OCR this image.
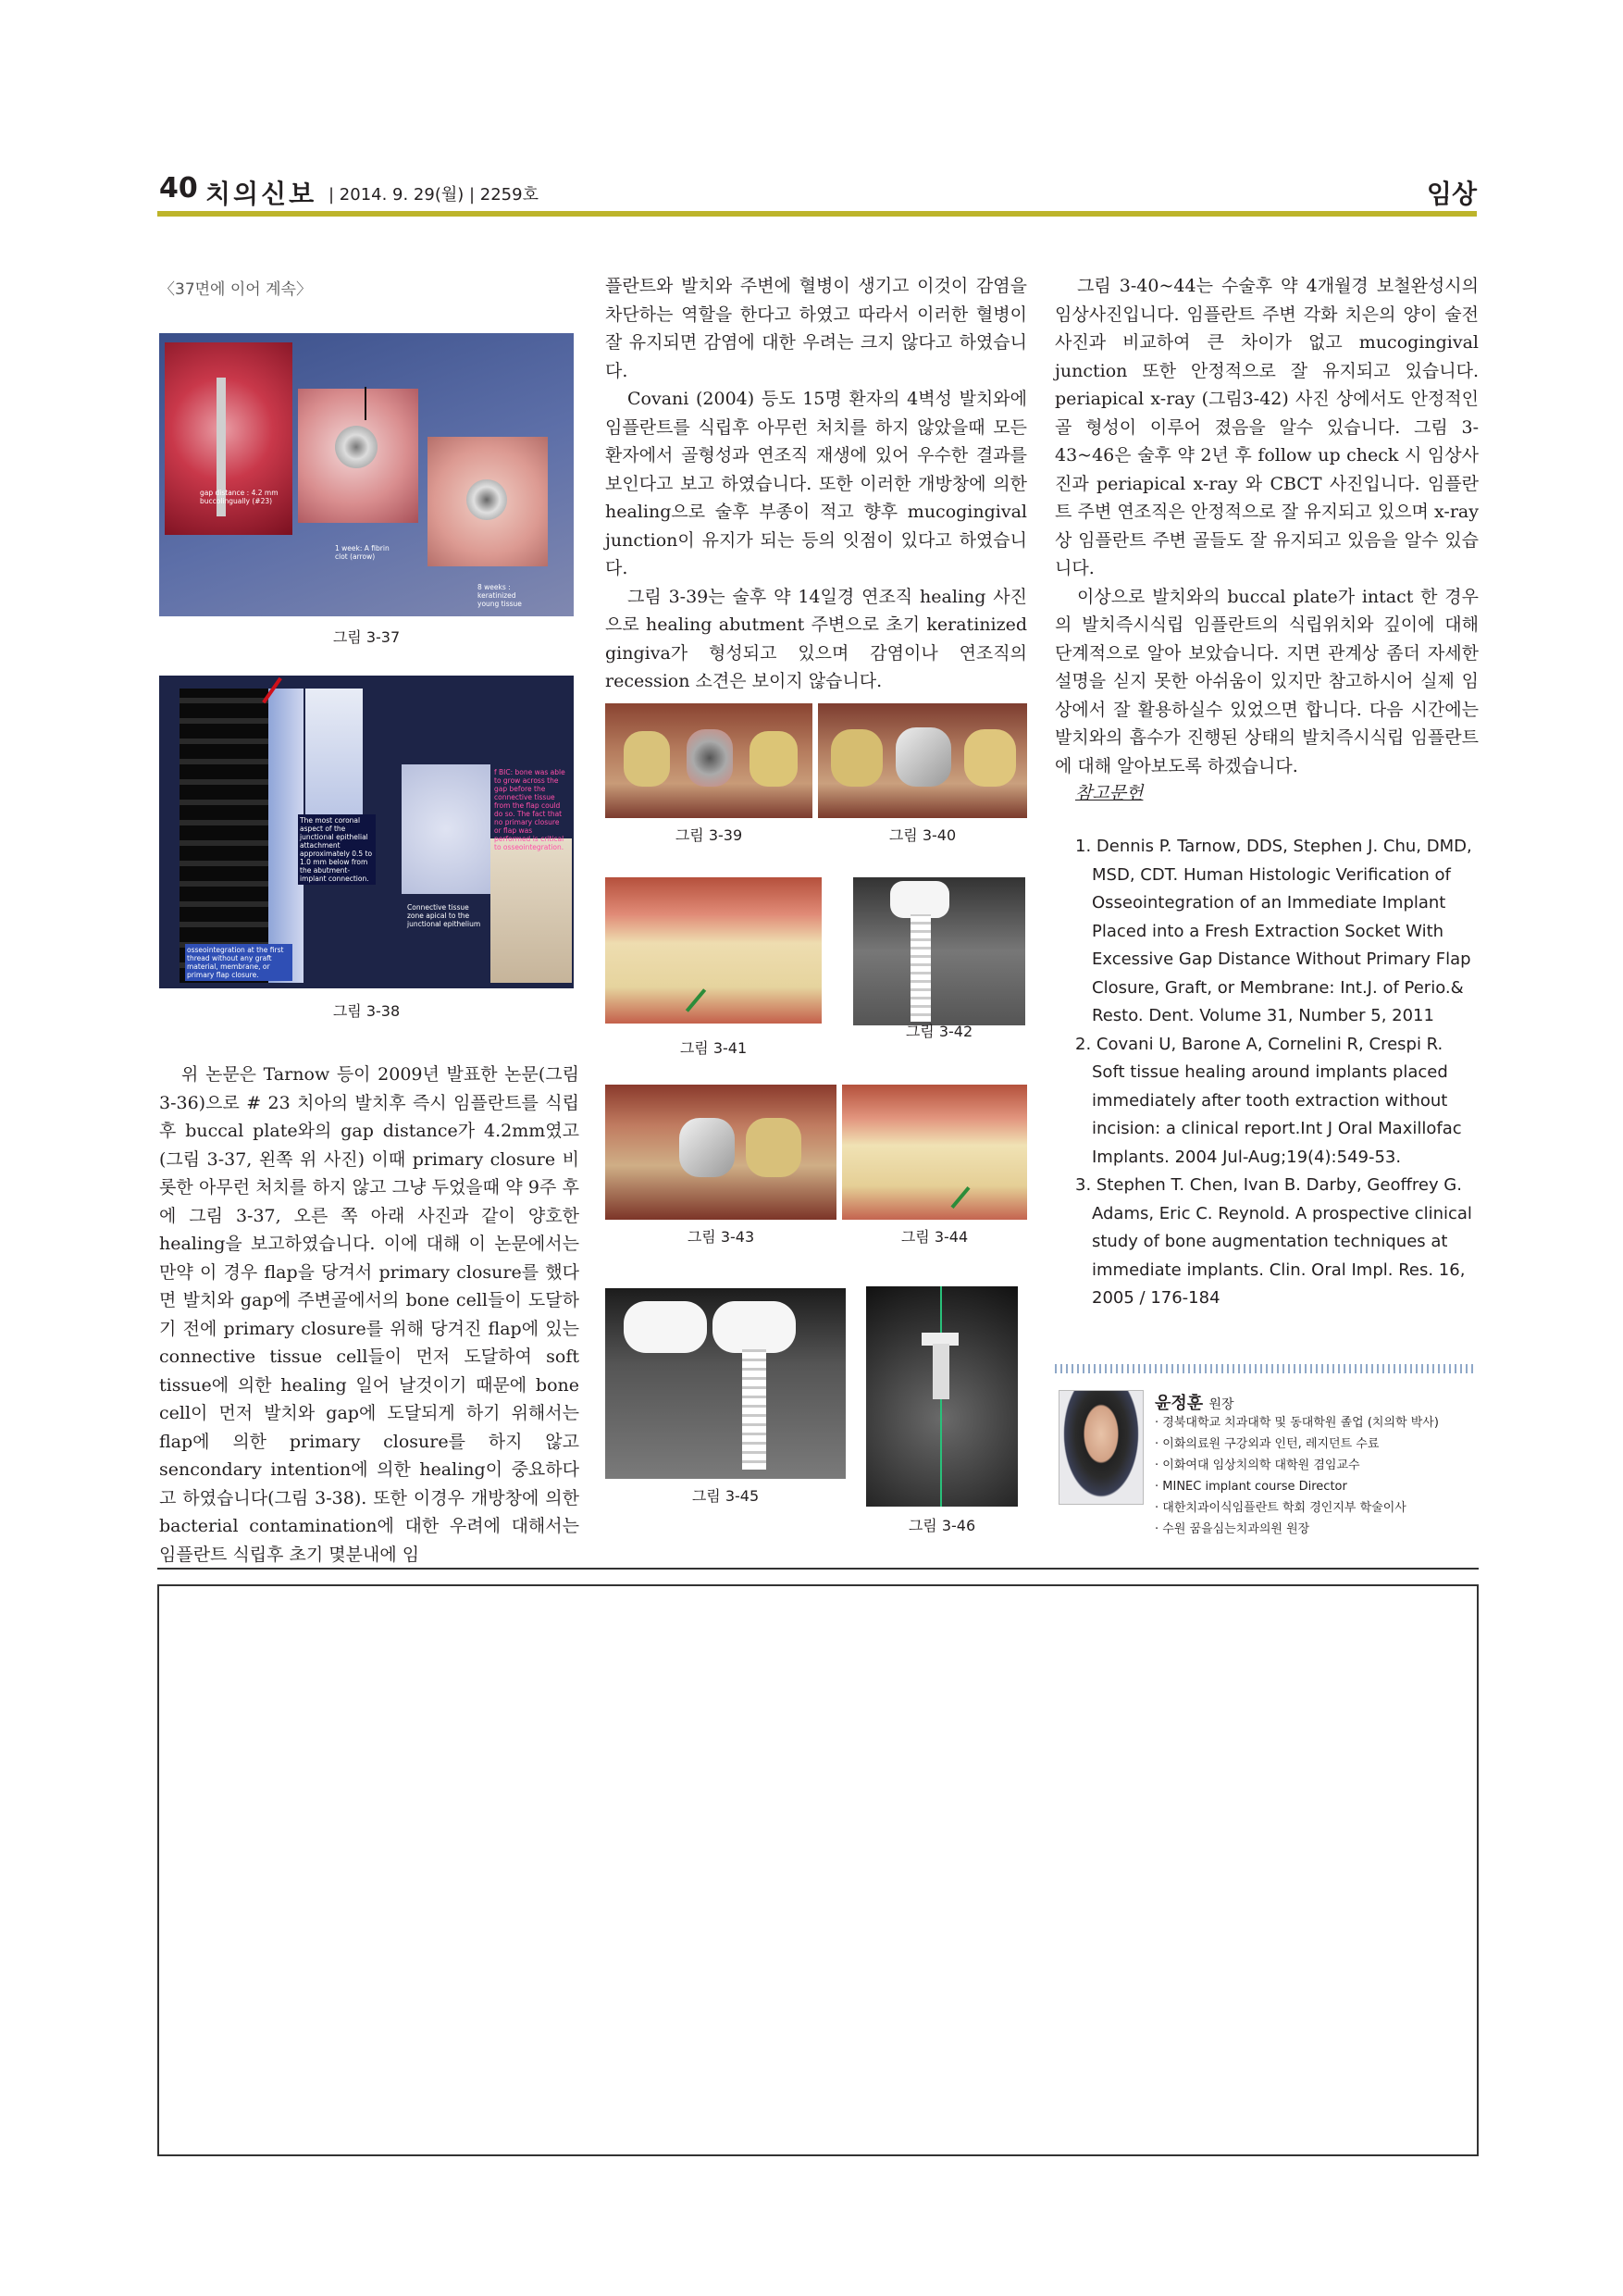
40 치의신보 | 2014. 9. 29(월) | 2259호	임상
〈37면에 이어 계속〉
gap distance : 4.2 mm
buccolingually (#23)
1 week: A fibrin
clot (arrow)
8 weeks :
keratinized
young tissue
그림 3-37
The most coronal aspect of the junctional epithelial attachment approximately 0.5 to 1.0 mm below from the abutment-implant connection.
f BIC: bone was able to grow across the gap before the connective tissue from the flap could do so. The fact that no primary closure or flap was performed is critical to osseointegration.
Connective tissue zone apical to the junctional epithelium
osseointegration at the first thread without any graft material, membrane, or primary flap closure.
그림 3-38

위 논문은 Tarnow 등이 2009년 발표한 논문(그림 3-36)으로 # 23 치아의 발치후 즉시 임플란트를 식립후 buccal plate와의 gap distance가 4.2mm였고(그림 3-37, 왼쪽 위 사진) 이때 primary closure 비롯한 아무런 처치를 하지 않고 그냥 두었을때 약 9주 후에 그림 3-37, 오른 쪽 아래 사진과 같이 양호한 healing을 보고하였습니다. 이에 대해 이 논문에서는 만약 이 경우 flap을 당겨서 primary closure를 했다면 발치와 gap에 주변골에서의 bone cell들이 도달하기 전에 primary closure를 위해 당겨진 flap에 있는 connective tissue cell들이 먼저 도달하여 soft tissue에 의한 healing 일어 날것이기 때문에 bone cell이 먼저 발치와 gap에 도달되게 하기 위해서는 flap에 의한 primary closure를 하지 않고 sencondary intention에 의한 healing이 중요하다고 하였습니다(그림 3-38). 또한 이경우 개방창에 의한 bacterial contamination에 대한 우려에 대해서는 임플란트 식립후 초기 몇분내에 임

플란트와 발치와 주변에 혈병이 생기고 이것이 감염을 차단하는 역할을 한다고 하였고 따라서 이러한 혈병이 잘 유지되면 감염에 대한 우려는 크지 않다고 하였습니다.

Covani (2004) 등도 15명 환자의 4벽성 발치와에 임플란트를 식립후 아무런 처치를 하지 않았을때 모든 환자에서 골형성과 연조직 재생에 있어 우수한 결과를 보인다고 보고 하였습니다. 또한 이러한 개방창에 의한 healing으로 술후 부종이 적고 향후 mucogingival junction이 유지가 되는 등의 잇점이 있다고 하였습니다.

그림 3-39는 술후 약 14일경 연조직 healing 사진으로 healing abutment 주변으로 초기 keratinized gingiva가 형성되고 있으며 감염이나 연조직의 recession 소견은 보이지 않습니다.

그림 3-39	그림 3-40
그림 3-41
그림 3-42
그림 3-43	그림 3-44
그림 3-45
그림 3-46

그림 3-40~44는 수술후 약 4개월경 보철완성시의 임상사진입니다. 임플란트 주변 각화 치은의 양이 술전 사진과 비교하여 큰 차이가 없고 mucogingival junction 또한 안정적으로 잘 유지되고 있습니다. periapical x-ray (그림3-42) 사진 상에서도 안정적인 골 형성이 이루어 졌음을 알수 있습니다. 그림 3-43~46은 술후 약 2년 후 follow up check 시 임상사진과 periapical x-ray 와 CBCT 사진입니다. 임플란트 주변 연조직은 안정적으로 잘 유지되고 있으며 x-ray상 임플란트 주변 골들도 잘 유지되고 있음을 알수 있습니다.

이상으로 발치와의 buccal plate가 intact 한 경우의 발치즉시식립 임플란트의 식립위치와 깊이에 대해 단계적으로 알아 보았습니다. 지면 관계상 좀더 자세한 설명을 싣지 못한 아쉬움이 있지만 참고하시어 실제 임상에서 잘 활용하실수 있었으면 합니다. 다음 시간에는 발치와의 흡수가 진행된 상태의 발치즉시식립 임플란트에 대해 알아보도록 하겠습니다.

참고문헌
1. Dennis P. Tarnow, DDS, Stephen J. Chu, DMD, MSD, CDT. Human Histologic Verification of Osseointegration of an Immediate Implant Placed into a Fresh Extraction Socket With Excessive Gap Distance Without Primary Flap Closure, Graft, or Membrane: Int.J. of Perio.& Resto. Dent. Volume 31, Number 5, 2011
2. Covani U, Barone A, Cornelini R, Crespi R. Soft tissue healing around implants placed immediately after tooth extraction without incision: a clinical report.Int J Oral Maxillofac Implants. 2004 Jul-Aug;19(4):549-53.
3. Stephen T. Chen, Ivan B. Darby, Geoffrey G. Adams, Eric C. Reynold. A prospective clinical study of bone augmentation techniques at immediate implants. Clin. Oral Impl. Res. 16, 2005 / 176-184
윤정훈 원장
· 경북대학교 치과대학 및 동대학원 졸업 (치의학 박사)
· 이화의료원 구강외과 인턴, 레지던트 수료
· 이화여대 임상치의학 대학원 겸임교수
· MINEC implant course Director
· 대한치과이식임플란트 학회 경인지부 학술이사
· 수원 꿈을심는치과의원 원장
